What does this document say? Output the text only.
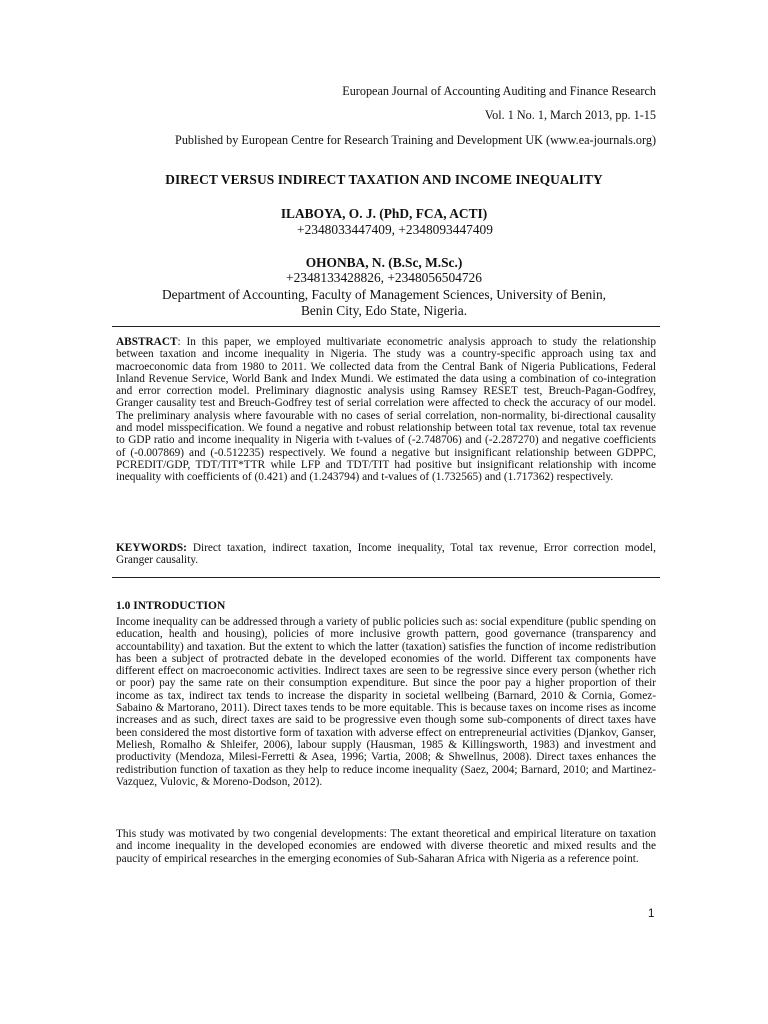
European Journal of Accounting Auditing and Finance Research
Vol. 1 No. 1, March 2013, pp. 1-15
Published by European Centre for Research Training and Development UK (www.ea-journals.org)
DIRECT VERSUS INDIRECT TAXATION AND INCOME INEQUALITY
ILABOYA, O. J. (PhD, FCA, ACTI)
+2348033447409, +2348093447409
OHONBA, N. (B.Sc, M.Sc.)
+2348133428826, +2348056504726
Department of Accounting, Faculty of Management Sciences, University of Benin,
Benin City, Edo State, Nigeria.
ABSTRACT: In this paper, we employed multivariate econometric analysis approach to study the relationship between taxation and income inequality in Nigeria. The study was a country-specific approach using tax and macroeconomic data from 1980 to 2011. We collected data from the Central Bank of Nigeria Publications, Federal Inland Revenue Service, World Bank and Index Mundi. We estimated the data using a combination of co-integration and error correction model. Preliminary diagnostic analysis using Ramsey RESET test, Breuch-Pagan-Godfrey, Granger causality test and Breuch-Godfrey test of serial correlation were affected to check the accuracy of our model. The preliminary analysis where favourable with no cases of serial correlation, non-normality, bi-directional causality and model misspecification. We found a negative and robust relationship between total tax revenue, total tax revenue to GDP ratio and income inequality in Nigeria with t-values of (-2.748706) and (-2.287270) and negative coefficients of (-0.007869) and (-0.512235) respectively. We found a negative but insignificant relationship between GDPPC, PCREDIT/GDP, TDT/TIT*TTR while LFP and TDT/TIT had positive but insignificant relationship with income inequality with coefficients of (0.421) and (1.243794) and t-values of (1.732565) and (1.717362) respectively.
KEYWORDS: Direct taxation, indirect taxation, Income inequality, Total tax revenue, Error correction model, Granger causality.
1.0 INTRODUCTION
Income inequality can be addressed through a variety of public policies such as: social expenditure (public spending on education, health and housing), policies of more inclusive growth pattern, good governance (transparency and accountability) and taxation. But the extent to which the latter (taxation) satisfies the function of income redistribution has been a subject of protracted debate in the developed economies of the world. Different tax components have different effect on macroeconomic activities. Indirect taxes are seen to be regressive since every person (whether rich or poor) pay the same rate on their consumption expenditure. But since the poor pay a higher proportion of their income as tax, indirect tax tends to increase the disparity in societal wellbeing (Barnard, 2010 & Cornia, Gomez-Sabaino & Martorano, 2011). Direct taxes tends to be more equitable. This is because taxes on income rises as income increases and as such, direct taxes are said to be progressive even though some sub-components of direct taxes have been considered the most distortive form of taxation with adverse effect on entrepreneurial activities (Djankov, Ganser, Meliesh, Romalho & Shleifer, 2006), labour supply (Hausman, 1985 & Killingsworth, 1983) and investment and productivity (Mendoza, Milesi-Ferretti & Asea, 1996; Vartia, 2008; & Shwellnus, 2008). Direct taxes enhances the redistribution function of taxation as they help to reduce income inequality (Saez, 2004; Barnard, 2010; and Martinez-Vazquez, Vulovic, & Moreno-Dodson, 2012).
This study was motivated by two congenial developments: The extant theoretical and empirical literature on taxation and income inequality in the developed economies are endowed with diverse theoretic and mixed results and the paucity of empirical researches in the emerging economies of Sub-Saharan Africa with Nigeria as a reference point.
1
